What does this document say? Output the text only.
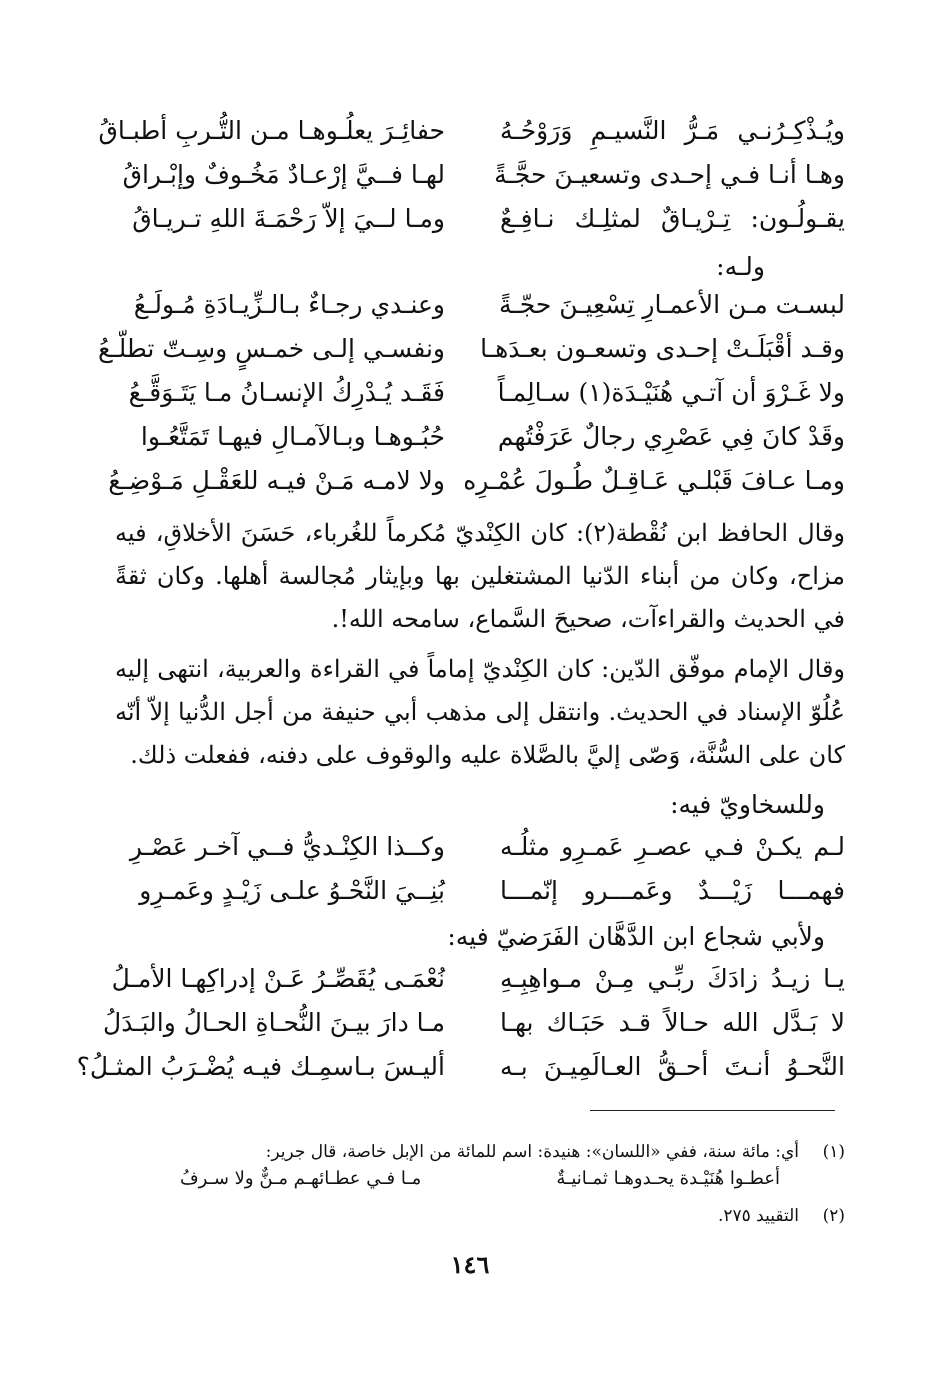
ويُـذْكِـرُنـي مَـرُّ النَّسيـمِ وَرَوْحُـهُ
حفائِـرَ يعلُـوهـا مـن التُّـربِ أطبـاقُ
وهـا أنـا فـي إحـدى وتسعيـنَ حجَّـةً
لهـا فــيَّ إرْعـادٌ مَخُـوفٌ وإبْـراقُ
يقـولُـون: تِـرْيـاقٌ لمثلِـك نـافِـعٌ
ومـا لــيَ إلاّ رَحْمَـةَ اللهِ تـريـاقُ
ولـه:
لبسـت مـن الأعمـارِ تِسْعِيـنَ حجّـةً
وعنـدي رجـاءٌ بـالـزِّيـادَةِ مُـولَـعُ
وقـد أقْبَلَـتْ إحـدى وتسعـون بعـدَهـا
ونفسـي إلـى خمـسٍ وسِـتّ تطلّـعُ
ولا غَـرْوَ أن آتـي هُنَيْـدَة(١) سـالِمـاً
فَقَـد يُـدْرِكُ الإنسـانُ مـا يَتَـوَقَّـعُ
وقَدْ كانَ فِي عَصْرِي رجالٌ عَرَفْتُهم
حُبُـوهـا وبـالآمـالِ فيهـا تَمَتَّعُـوا
ومـا عـافَ قَبْلـي عَـاقِـلٌ طُـولَ عُمْـرِه
ولا لامـه مَـنْ فيـه للعَقْـلِ مَـوْضِـعُ

وقال الحافظ ابن نُقْطة(٢): كان الكِنْديّ مُكرماً للغُرباء، حَسَنَ الأخلاقِ، فيه مزاح، وكان من أبناء الدّنيا المشتغلين بها وبإيثار مُجالسة أهلها. وكان ثقةً في الحديث والقراءآت، صحيحَ السَّماع، سامحه الله!.

وقال الإمام موفّق الدّين: كان الكِنْديّ إماماً في القراءة والعربية، انتهى إليه عُلُوّ الإسناد في الحديث. وانتقل إلى مذهب أبي حنيفة من أجل الدُّنيا إلاّ أنّه كان على السُّنَّة، وَصّى إليَّ بالصَّلاة عليه والوقوف على دفنه، ففعلت ذلك.

وللسخاويّ فيه:
لـم يكـنْ فـي عصـرِ عَمـرِو مثلُـه
وكــذا الكِنْـديُّ فــي آخـر عَصْـرِ
فهمـــا زَيْـــدٌ وعَمـــرو إنّمـــا
بُنِــيَ النَّحْـوُ علـى زَيْـدٍ وعَمـرِو
ولأبي شجاع ابن الدَّهَّان الفَرَضيّ فيه:
يـا زيـدُ زادَكَ ربِّـي مِـنْ مـواهِبِـهِ
نُعْمَـى يُقَصِّـرُ عَـنْ إدراكِهـا الأمـلُ
لا بَـدَّل الله حـالاً قـد حَبَـاك بهـا
مـا دارَ بيـنَ النُّحـاةِ الحـالُ والبَـدَلُ
النَّحـوُ أنـتَ أحـقُّ العـالَمِيـنَ بـه
أليـسَ بـاسمِـك فيـه يُضْـرَبُ المثـلُ؟
(١)أي: مائة سنة، ففي «اللسان»: هنيدة: اسم للمائة من الإبل خاصة، قال جرير:
أعطـوا هُنَيْـدة يحـدوهـا ثمـانيـةٌ
مـا فـي عطـائهـم مـنٌّ ولا سـرفُ
(٢)التقييد ٢٧٥.
١٤٦
